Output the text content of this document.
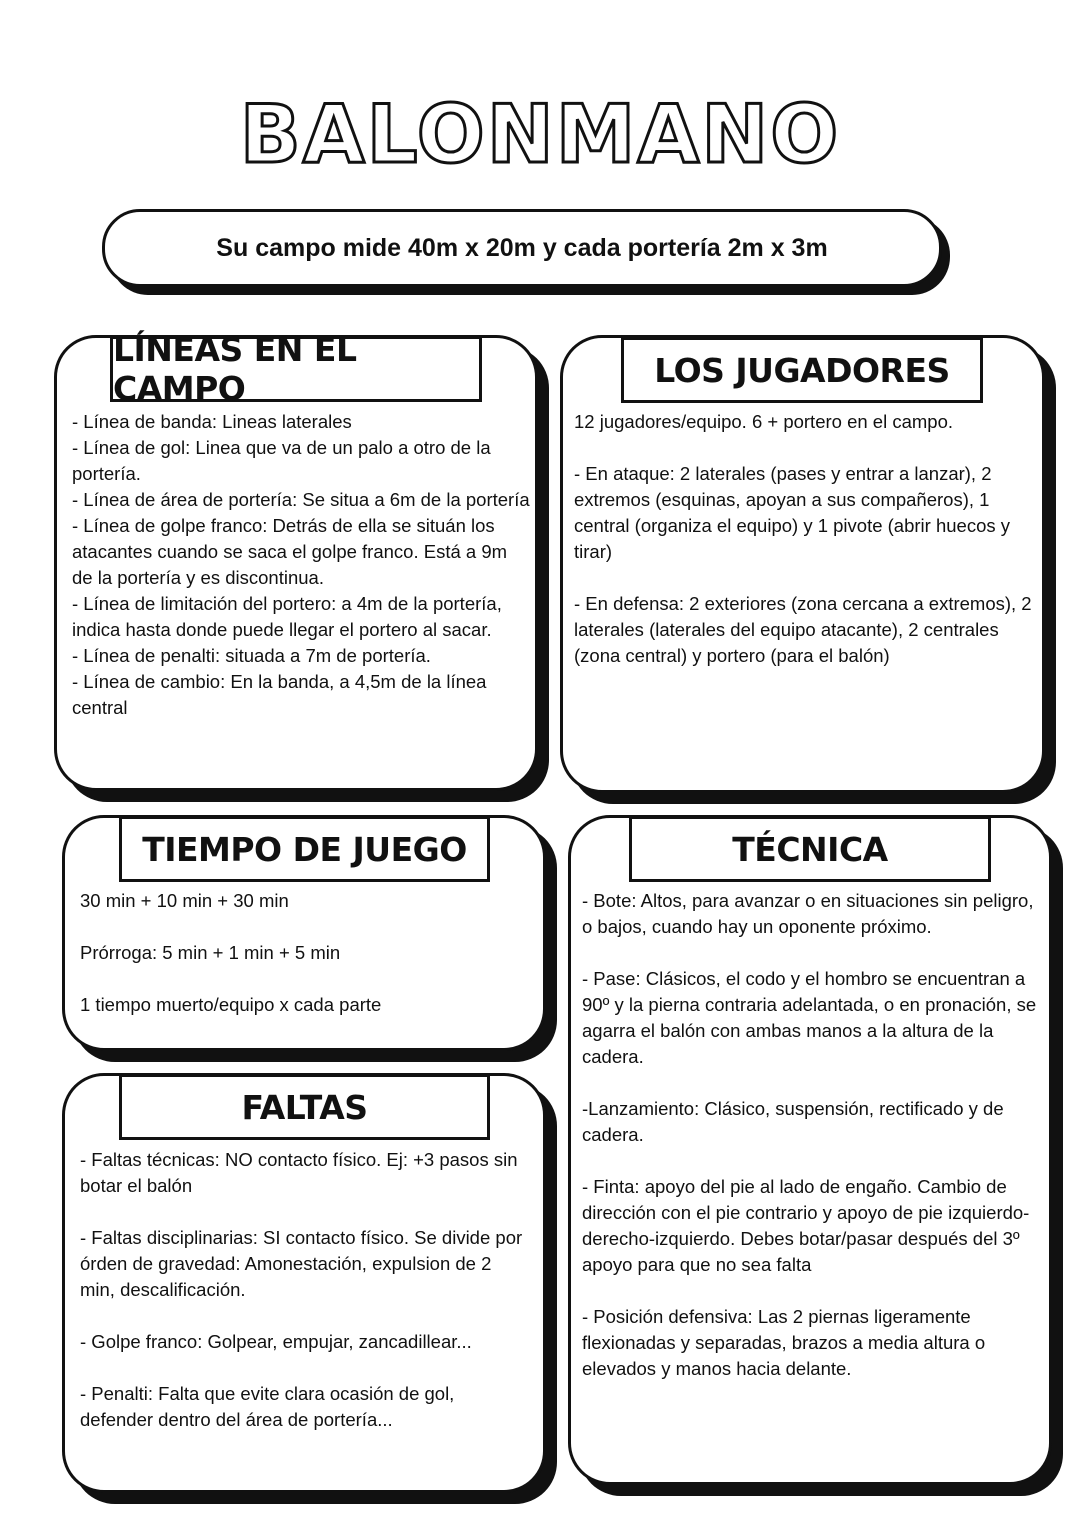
BALONMANO
Su campo mide 40m x 20m y cada portería 2m x 3m
LÍNEAS EN EL CAMPO

- Línea de banda: Lineas laterales

- Línea de gol: Linea que va de un palo a otro de la portería.

- Línea de área de portería: Se situa a 6m de la portería

- Línea de golpe franco: Detrás de ella se situán los atacantes cuando se saca el golpe franco. Está a 9m de la portería y es discontinua.

- Línea de limitación del portero: a 4m de la portería, indica hasta donde puede llegar el portero al sacar.

- Línea de penalti: situada a 7m de portería.

- Línea de cambio: En la banda, a 4,5m de la línea central

LOS JUGADORES

12 jugadores/equipo. 6 + portero en el campo.

- En ataque: 2 laterales (pases y entrar a lanzar), 2 extremos (esquinas, apoyan a sus compañeros), 1 central (organiza el equipo) y 1 pivote (abrir huecos y tirar)

- En defensa: 2 exteriores (zona cercana a extremos), 2 laterales (laterales del equipo atacante), 2 centrales (zona central) y portero (para el balón)

TIEMPO DE JUEGO

30 min + 10 min + 30 min

Prórroga: 5 min + 1 min + 5 min

1 tiempo muerto/equipo x cada parte

FALTAS

- Faltas técnicas: NO contacto físico. Ej: +3 pasos sin botar el balón

- Faltas disciplinarias: SI contacto físico. Se divide por órden de gravedad: Amonestación, expulsion de 2 min, descalificación.

- Golpe franco: Golpear, empujar, zancadillear...

- Penalti: Falta que evite clara ocasión de gol, defender dentro del área de portería...

TÉCNICA

- Bote: Altos, para avanzar o en situaciones sin peligro, o bajos, cuando hay un oponente próximo.

- Pase: Clásicos, el codo y el hombro se encuentran a 90º y la pierna contraria adelantada, o en pronación, se agarra el balón con ambas manos a la altura de la cadera.

-Lanzamiento: Clásico, suspensión, rectificado y de cadera.

- Finta: apoyo del pie al lado de engaño. Cambio de dirección con el pie contrario y apoyo de pie izquierdo-derecho-izquierdo. Debes botar/pasar después del 3º apoyo para que no sea falta

- Posición defensiva: Las 2 piernas ligeramente flexionadas y separadas, brazos a media altura o elevados y manos hacia delante.
